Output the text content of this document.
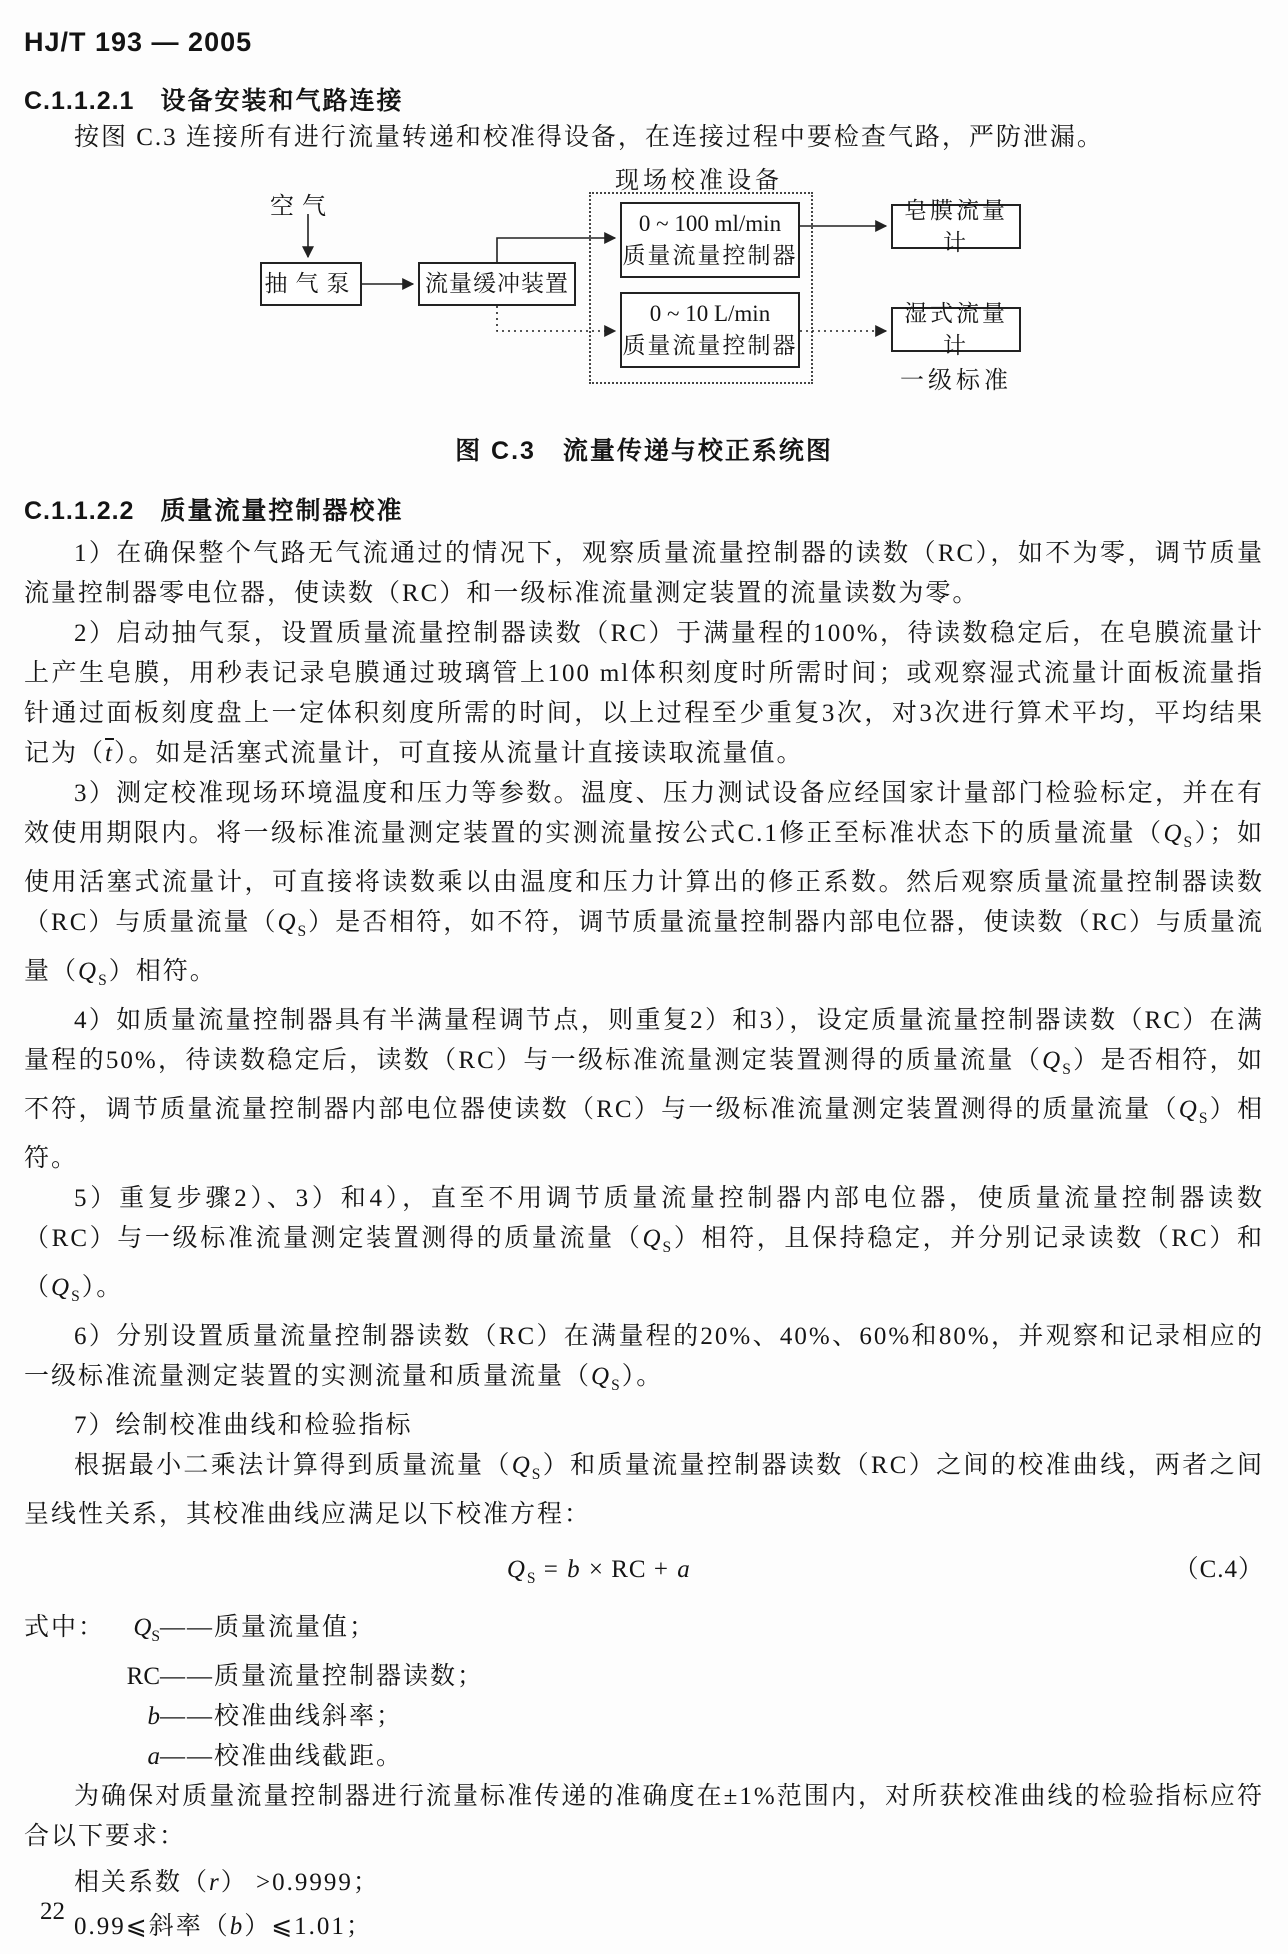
HJ/T 193 — 2005
C.1.1.2.1 设备安装和气路连接

按图 C.3 连接所有进行流量转递和校准得设备，在连接过程中要检查气路，严防泄漏。

空气
抽气泵	流量缓冲装置
现场校准设备
0 ~ 100 ml/min
质量流量控制器
0 ~ 10 L/min
质量流量控制器
皂膜流量计
湿式流量计
一级标准
图 C.3　流量传递与校正系统图
C.1.1.2.2 质量流量控制器校准

1）在确保整个气路无气流通过的情况下，观察质量流量控制器的读数（RC），如不为零，调节质量流量控制器零电位器，使读数（RC）和一级标准流量测定装置的流量读数为零。

2）启动抽气泵，设置质量流量控制器读数（RC）于满量程的100%，待读数稳定后，在皂膜流量计上产生皂膜，用秒表记录皂膜通过玻璃管上100 ml体积刻度时所需时间；或观察湿式流量计面板流量指针通过面板刻度盘上一定体积刻度所需的时间，以上过程至少重复3次，对3次进行算术平均，平均结果记为$(\overline{t})$。如是活塞式流量计，可直接从流量计直接读取流量值。

3）测定校准现场环境温度和压力等参数。温度、压力测试设备应经国家计量部门检验标定，并在有效使用期限内。将一级标准流量测定装置的实测流量按公式C.1修正至标准状态下的质量流量$(Q_S)$；如使用活塞式流量计，可直接将读数乘以由温度和压力计算出的修正系数。然后观察质量流量控制器读数（RC）与质量流量$(Q_S)$是否相符，如不符，调节质量流量控制器内部电位器，使读数（RC）与质量流量$(Q_S)$相符。

4）如质量流量控制器具有半满量程调节点，则重复2）和3），设定质量流量控制器读数（RC）在满量程的50%，待读数稳定后，读数（RC）与一级标准流量测定装置测得的质量流量$(Q_S)$是否相符，如不符，调节质量流量控制器内部电位器使读数（RC）与一级标准流量测定装置测得的质量流量$(Q_S)$相符。

5）重复步骤2）、3）和4），直至不用调节质量流量控制器内部电位器，使质量流量控制器读数（RC）与一级标准流量测定装置测得的质量流量$(Q_S)$相符，且保持稳定，并分别记录读数（RC）和$(Q_S)$。

6）分别设置质量流量控制器读数（RC）在满量程的20%、40%、60%和80%，并观察和记录相应的一级标准流量测定装置的实测流量和质量流量$(Q_S)$。

7）绘制校准曲线和检验指标

根据最小二乘法计算得到质量流量$(Q_S)$和质量流量控制器读数（RC）之间的校准曲线，两者之间呈线性关系，其校准曲线应满足以下校准方程：

$Q_S = b$ × RC + a	（C.4）
式中： $Q_S——$质量流量值；
RC——质量流量控制器读数；
b——校准曲线斜率；
a——校准曲线截距。

为确保对质量流量控制器进行流量标准传递的准确度在±1%范围内，对所获校准曲线的检验指标应符合以下要求：

相关系数（r） >0.9999；

0.99⩽斜率（b）⩽1.01；

22
